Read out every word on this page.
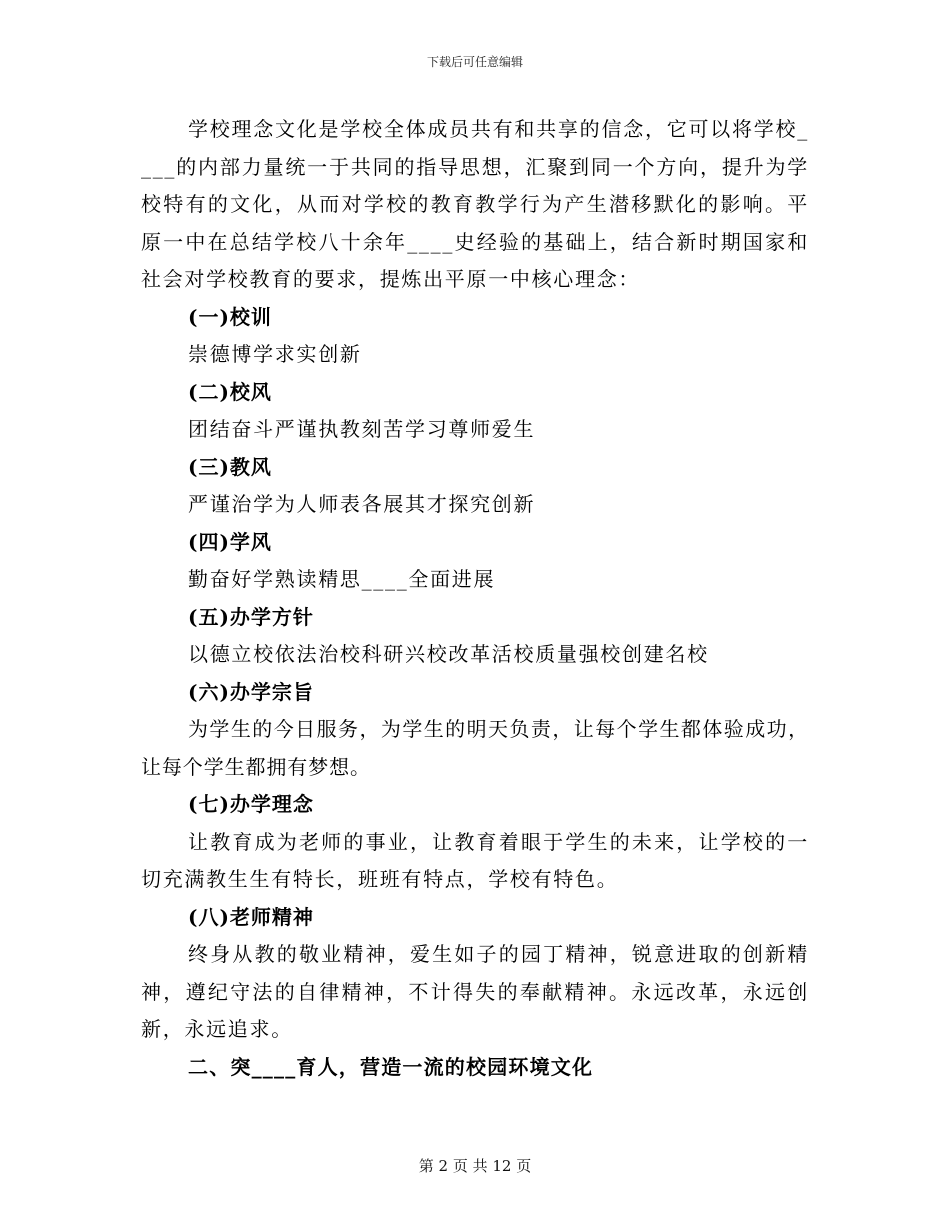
下载后可任意编辑

学校理念文化是学校全体成员共有和共享的信念，它可以将学校____的内部力量统一于共同的指导思想，汇聚到同一个方向，提升为学校特有的文化，从而对学校的教育教学行为产生潜移默化的影响。平原一中在总结学校八十余年____史经验的基础上，结合新时期国家和社会对学校教育的要求，提炼出平原一中核心理念：

(一)校训

崇德博学求实创新

(二)校风

团结奋斗严谨执教刻苦学习尊师爱生

(三)教风

严谨治学为人师表各展其才探究创新

(四)学风

勤奋好学熟读精思____全面进展

(五)办学方针

以德立校依法治校科研兴校改革活校质量强校创建名校

(六)办学宗旨

为学生的今日服务，为学生的明天负责，让每个学生都体验成功，让每个学生都拥有梦想。

(七)办学理念

让教育成为老师的事业，让教育着眼于学生的未来，让学校的一切充满教生生有特长，班班有特点，学校有特色。

(八)老师精神

终身从教的敬业精神，爱生如子的园丁精神，锐意进取的创新精神，遵纪守法的自律精神，不计得失的奉献精神。永远改革，永远创新，永远追求。

二、突____育人，营造一流的校园环境文化

第 2 页 共 12 页
